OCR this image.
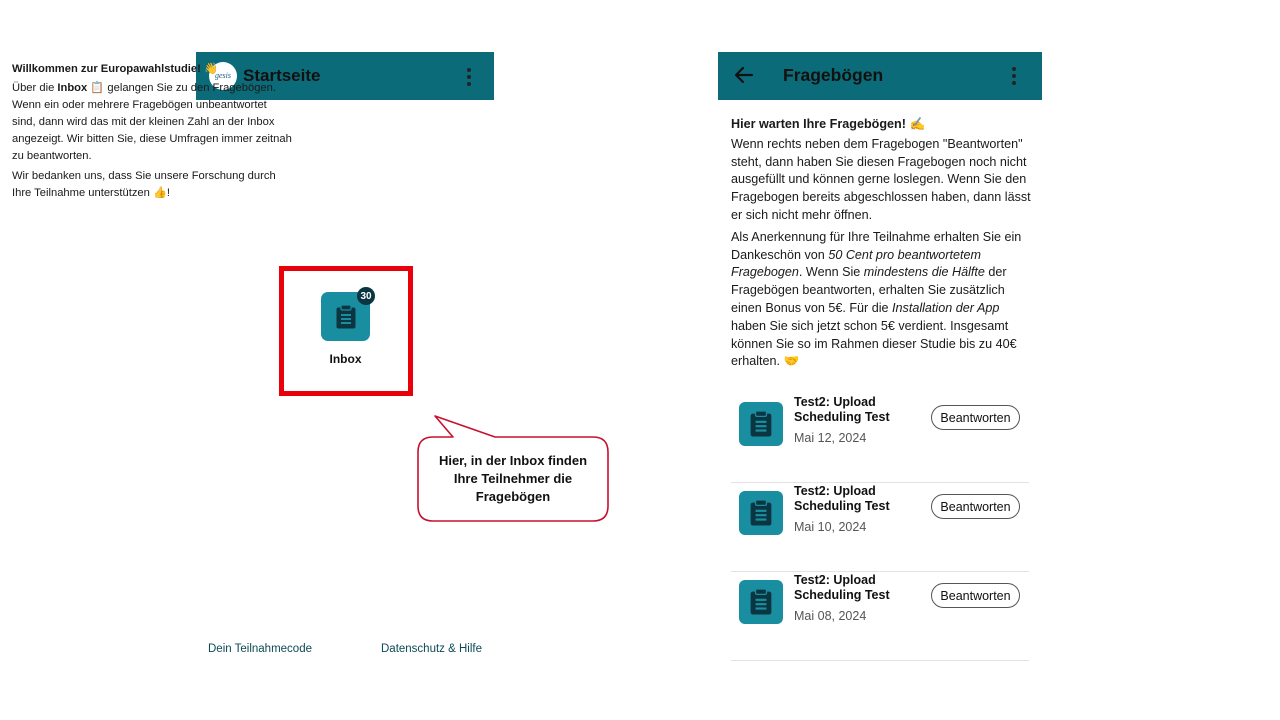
gesis Startseite

Willkommen zur Europawahlstudie! 👋

Über die Inbox 📋 gelangen Sie zu den Fragebögen. Wenn ein oder mehrere Fragebögen unbeantwortet sind, dann wird das mit der kleinen Zahl an der Inbox angezeigt. Wir bitten Sie, diese Umfragen immer zeitnah zu beantworten.

Wir bedanken uns, dass Sie unsere Forschung durch Ihre Teilnahme unterstützen 👍!

30
Inbox
Dein Teilnahmecode	Datenschutz & Hilfe
Hier, in der Inbox finden
Ihre Teilnehmer die
Fragebögen
Fragebögen

Hier warten Ihre Fragebögen! ✍️

Wenn rechts neben dem Fragebogen "Beantworten" steht, dann haben Sie diesen Fragebogen noch nicht ausgefüllt und können gerne loslegen. Wenn Sie den Fragebogen bereits abgeschlossen haben, dann lässt er sich nicht mehr öffnen.

Als Anerkennung für Ihre Teilnahme erhalten Sie ein Dankeschön von 50 Cent pro beantwortetem Fragebogen. Wenn Sie mindestens die Hälfte der Fragebögen beantworten, erhalten Sie zusätzlich einen Bonus von 5€. Für die Installation der App haben Sie sich jetzt schon 5€ verdient. Insgesamt können Sie so im Rahmen dieser Studie bis zu 40€ erhalten. 🤝

Test2: Upload Scheduling Test
Mai 12, 2024
Beantworten
Test2: Upload Scheduling Test
Mai 10, 2024
Beantworten
Test2: Upload Scheduling Test
Mai 08, 2024
Beantworten
